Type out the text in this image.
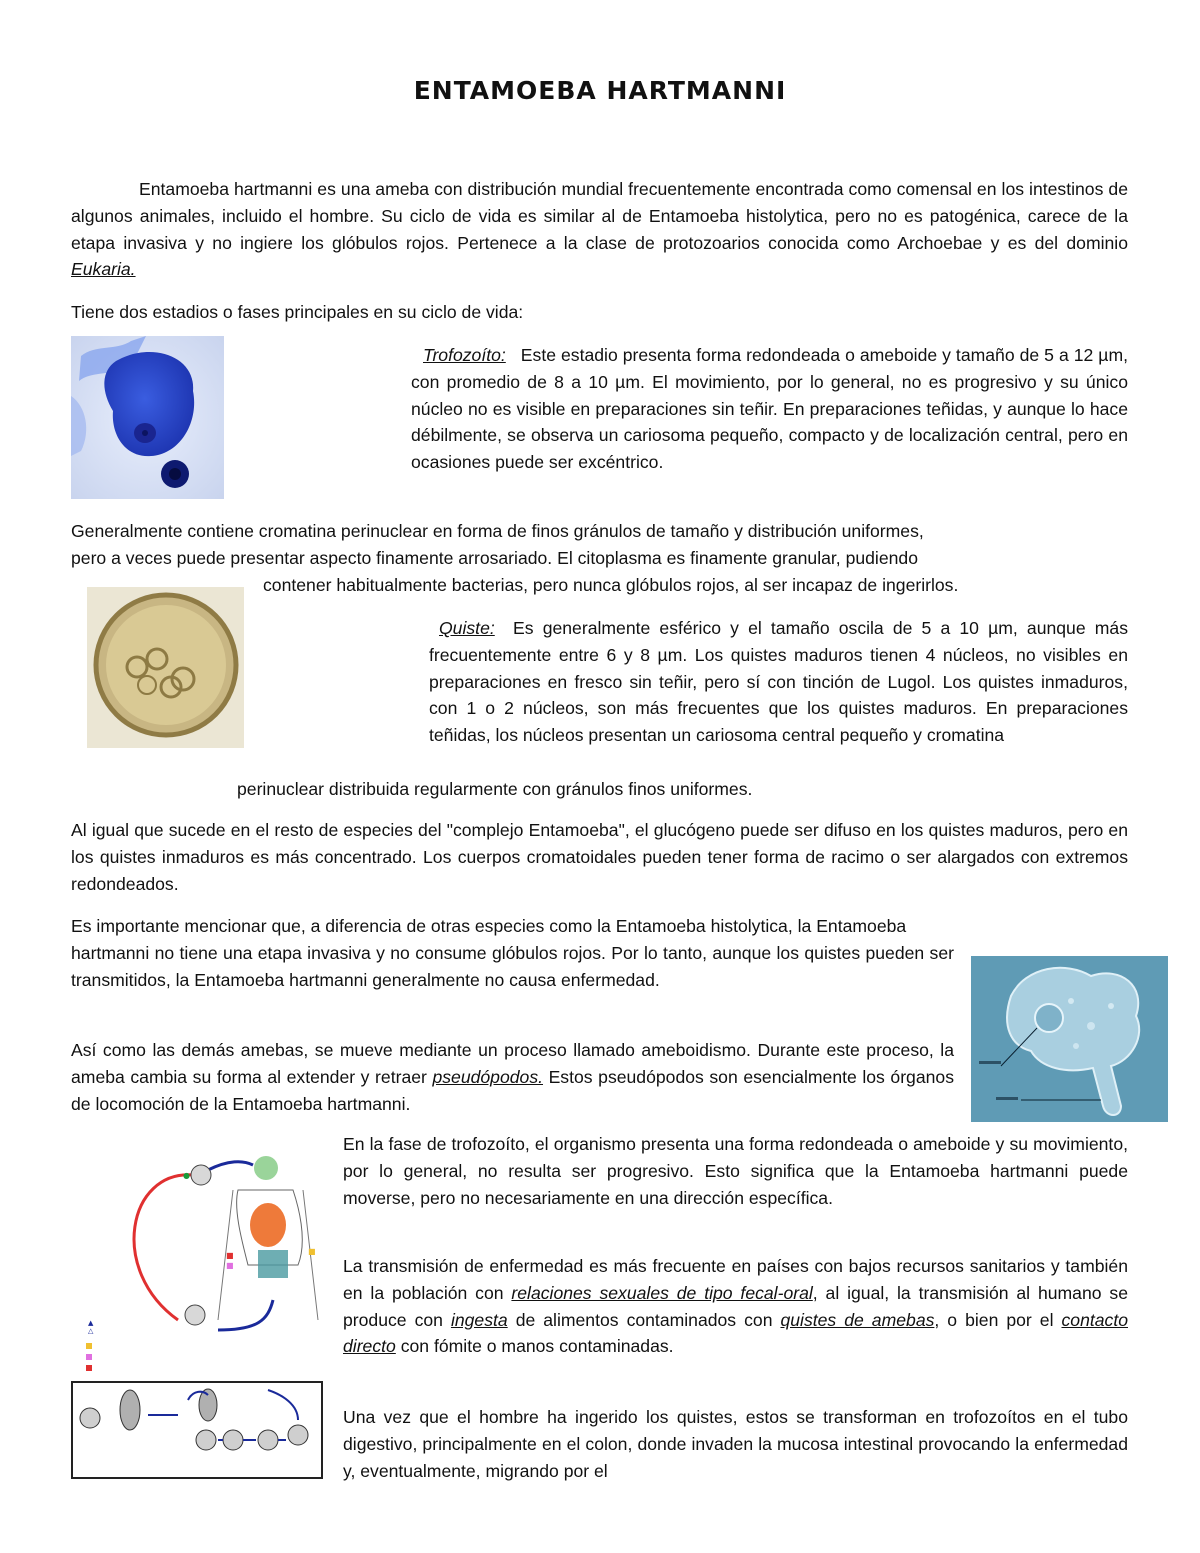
ENTAMOEBA HARTMANNI

Entamoeba hartmanni es una ameba con distribución mundial frecuentemente encontrada como comensal en los intestinos de algunos animales, incluido el hombre. Su ciclo de vida es similar al de Entamoeba histolytica, pero no es patogénica, carece de la etapa invasiva y no ingiere los glóbulos rojos. Pertenece a la clase de protozoarios conocida como Archoebae y es del dominio Eukaria.

Tiene dos estadios o fases principales en su ciclo de vida:

Trofozoíto: Este estadio presenta forma redondeada o ameboide y tamaño de 5 a 12 µm, con promedio de 8 a 10 µm. El movimiento, por lo general, no es progresivo y su único núcleo no es visible en preparaciones sin teñir. En preparaciones teñidas, y aunque lo hace débilmente, se observa un cariosoma pequeño, compacto y de localización central, pero en ocasiones puede ser excéntrico.

Generalmente contiene cromatina perinuclear en forma de finos gránulos de tamaño y distribución uniformes,

pero a veces puede presentar aspecto finamente arrosariado. El citoplasma es finamente granular, pudiendo

contener habitualmente bacterias, pero nunca glóbulos rojos, al ser incapaz de ingerirlos.

Quiste: Es generalmente esférico y el tamaño oscila de 5 a 10 µm, aunque más frecuentemente entre 6 y 8 µm. Los quistes maduros tienen 4 núcleos, no visibles en preparaciones en fresco sin teñir, pero sí con tinción de Lugol. Los quistes inmaduros, con 1 o 2 núcleos, son más frecuentes que los quistes maduros. En preparaciones teñidas, los núcleos presentan un cariosoma central pequeño y cromatina

perinuclear distribuida regularmente con gránulos finos uniformes.

Al igual que sucede en el resto de especies del "complejo Entamoeba", el glucógeno puede ser difuso en los quistes maduros, pero en los quistes inmaduros es más concentrado. Los cuerpos cromatoidales pueden tener forma de racimo o ser alargados con extremos redondeados.

Es importante mencionar que, a diferencia de otras especies como la Entamoeba histolytica, la Entamoeba

hartmanni no tiene una etapa invasiva y no consume glóbulos rojos. Por lo tanto, aunque los quistes pueden ser transmitidos, la Entamoeba hartmanni generalmente no causa enfermedad.

Así como las demás amebas, se mueve mediante un proceso llamado ameboidismo. Durante este proceso, la ameba cambia su forma al extender y retraer pseudópodos. Estos pseudópodos son esencialmente los órganos de locomoción de la Entamoeba hartmanni.

●
■
■
■
▲
△

En la fase de trofozoíto, el organismo presenta una forma redondeada o ameboide y su movimiento, por lo general, no resulta ser progresivo. Esto significa que la Entamoeba hartmanni puede moverse, pero no necesariamente en una dirección específica.

La transmisión de enfermedad es más frecuente en países con bajos recursos sanitarios y también en la población con relaciones sexuales de tipo fecal-oral, al igual, la transmisión al humano se produce con ingesta de alimentos contaminados con quistes de amebas, o bien por el contacto directo con fómite o manos contaminadas.

Una vez que el hombre ha ingerido los quistes, estos se transforman en trofozoítos en el tubo digestivo, principalmente en el colon, donde invaden la mucosa intestinal provocando la enfermedad y, eventualmente, migrando por el
